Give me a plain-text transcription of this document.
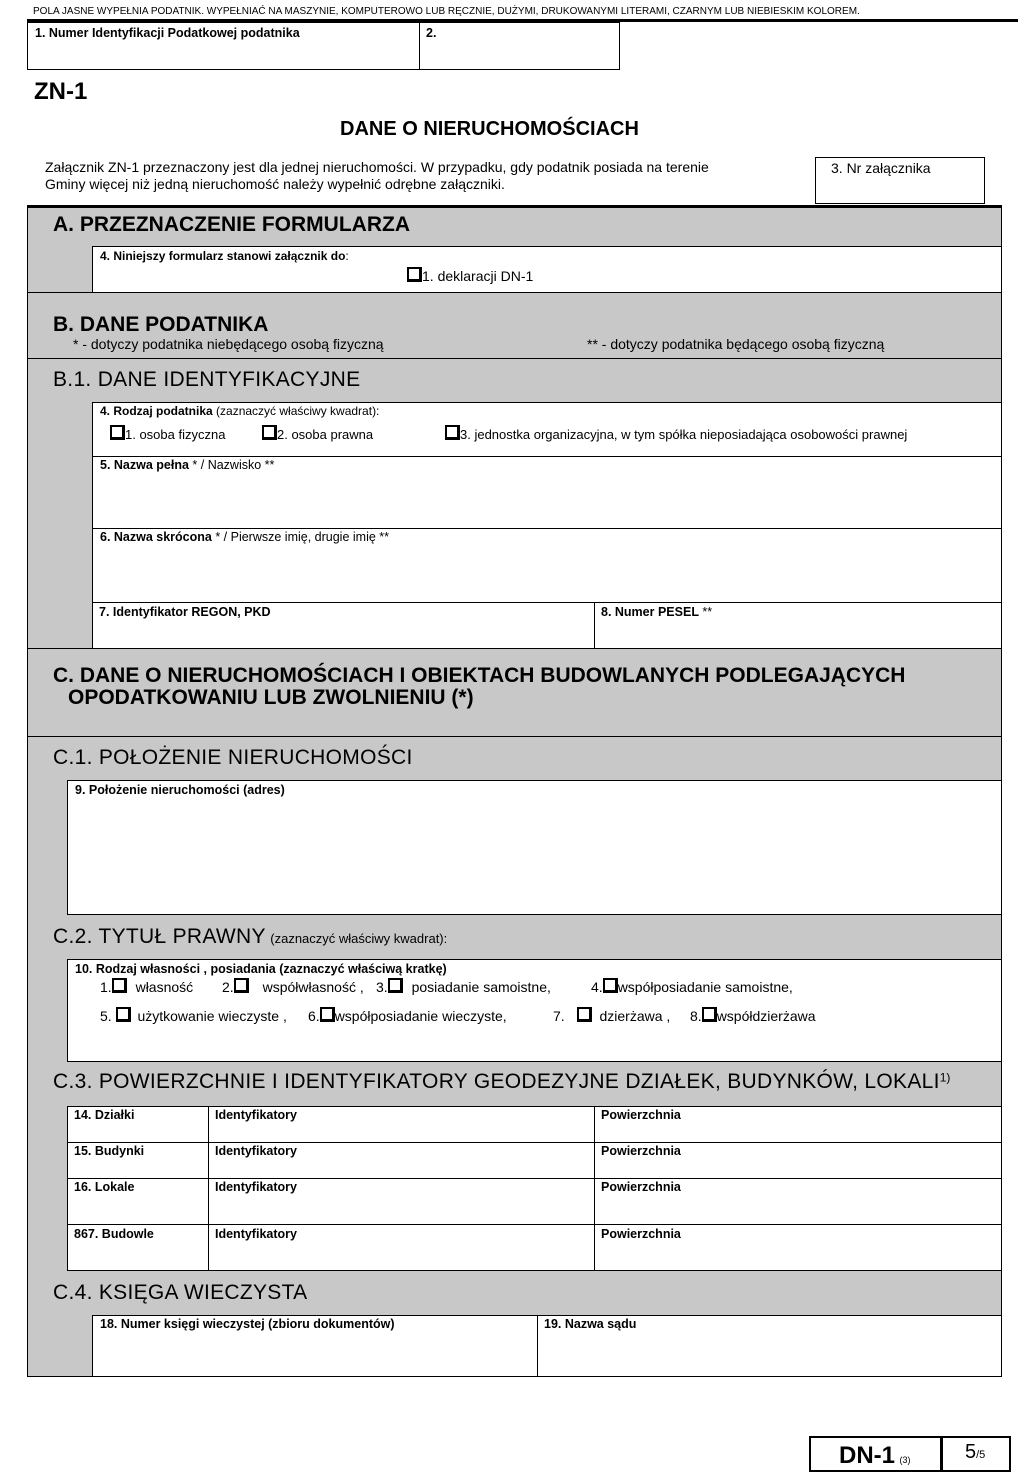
POLA JASNE WYPEŁNIA PODATNIK. WYPEŁNIAĆ NA MASZYNIE, KOMPUTEROWO LUB RĘCZNIE, DUŻYMI, DRUKOWANYMI LITERAMI, CZARNYM LUB NIEBIESKIM KOLOREM.
1. Numer Identyfikacji Podatkowej podatnika	2.
ZN-1
DANE O NIERUCHOMOŚCIACH
Załącznik ZN-1 przeznaczony jest dla jednej nieruchomości. W przypadku, gdy podatnik posiada na terenie
Gminy więcej niż jedną nieruchomość należy wypełnić odrębne załączniki.
3. Nr załącznika
A. PRZEZNACZENIE FORMULARZA
4. Niniejszy formularz stanowi załącznik do:
1. deklaracji DN-1
B. DANE PODATNIKA
* - dotyczy podatnika niebędącego osobą fizyczną	** - dotyczy podatnika będącego osobą fizyczną
B.1. DANE IDENTYFIKACYJNE
4. Rodzaj podatnika (zaznaczyć właściwy kwadrat):
1. osoba fizyczna	2. osoba prawna	3. jednostka organizacyjna, w tym spółka nieposiadająca osobowości prawnej
5. Nazwa pełna * / Nazwisko **
6. Nazwa skrócona * / Pierwsze imię, drugie imię **
7. Identyfikator REGON, PKD	8. Numer PESEL **
C. DANE O NIERUCHOMOŚCIACH I OBIEKTACH BUDOWLANYCH PODLEGAJĄCYCH
OPODATKOWANIU LUB ZWOLNIENIU (*)
C.1. POŁOŻENIE NIERUCHOMOŚCI
9. Położenie nieruchomości (adres)
C.2. TYTUŁ PRAWNY (zaznaczyć właściwy kwadrat):
10. Rodzaj własności , posiadania (zaznaczyć właściwą kratkę)
1. własność 2. współwłasność , 3. posiadanie samoistne,	4. współposiadanie samoistne,
5. użytkowanie wieczyste , 6. współposiadanie wieczyste,	7. dzierżawa , 8. współdzierżawa
C.3. POWIERZCHNIE I IDENTYFIKATORY GEODEZYJNE DZIAŁEK, BUDYNKÓW, LOKALI$^{1)}$
14. Działki	Identyfikatory	Powierzchnia
15. Budynki	Identyfikatory	Powierzchnia
16. Lokale	Identyfikatory	Powierzchnia
867. Budowle	Identyfikatory	Powierzchnia
C.4. KSIĘGA WIECZYSTA
18. Numer księgi wieczystej (zbioru dokumentów)	19. Nazwa sądu
DN-1 (3)	5/5
